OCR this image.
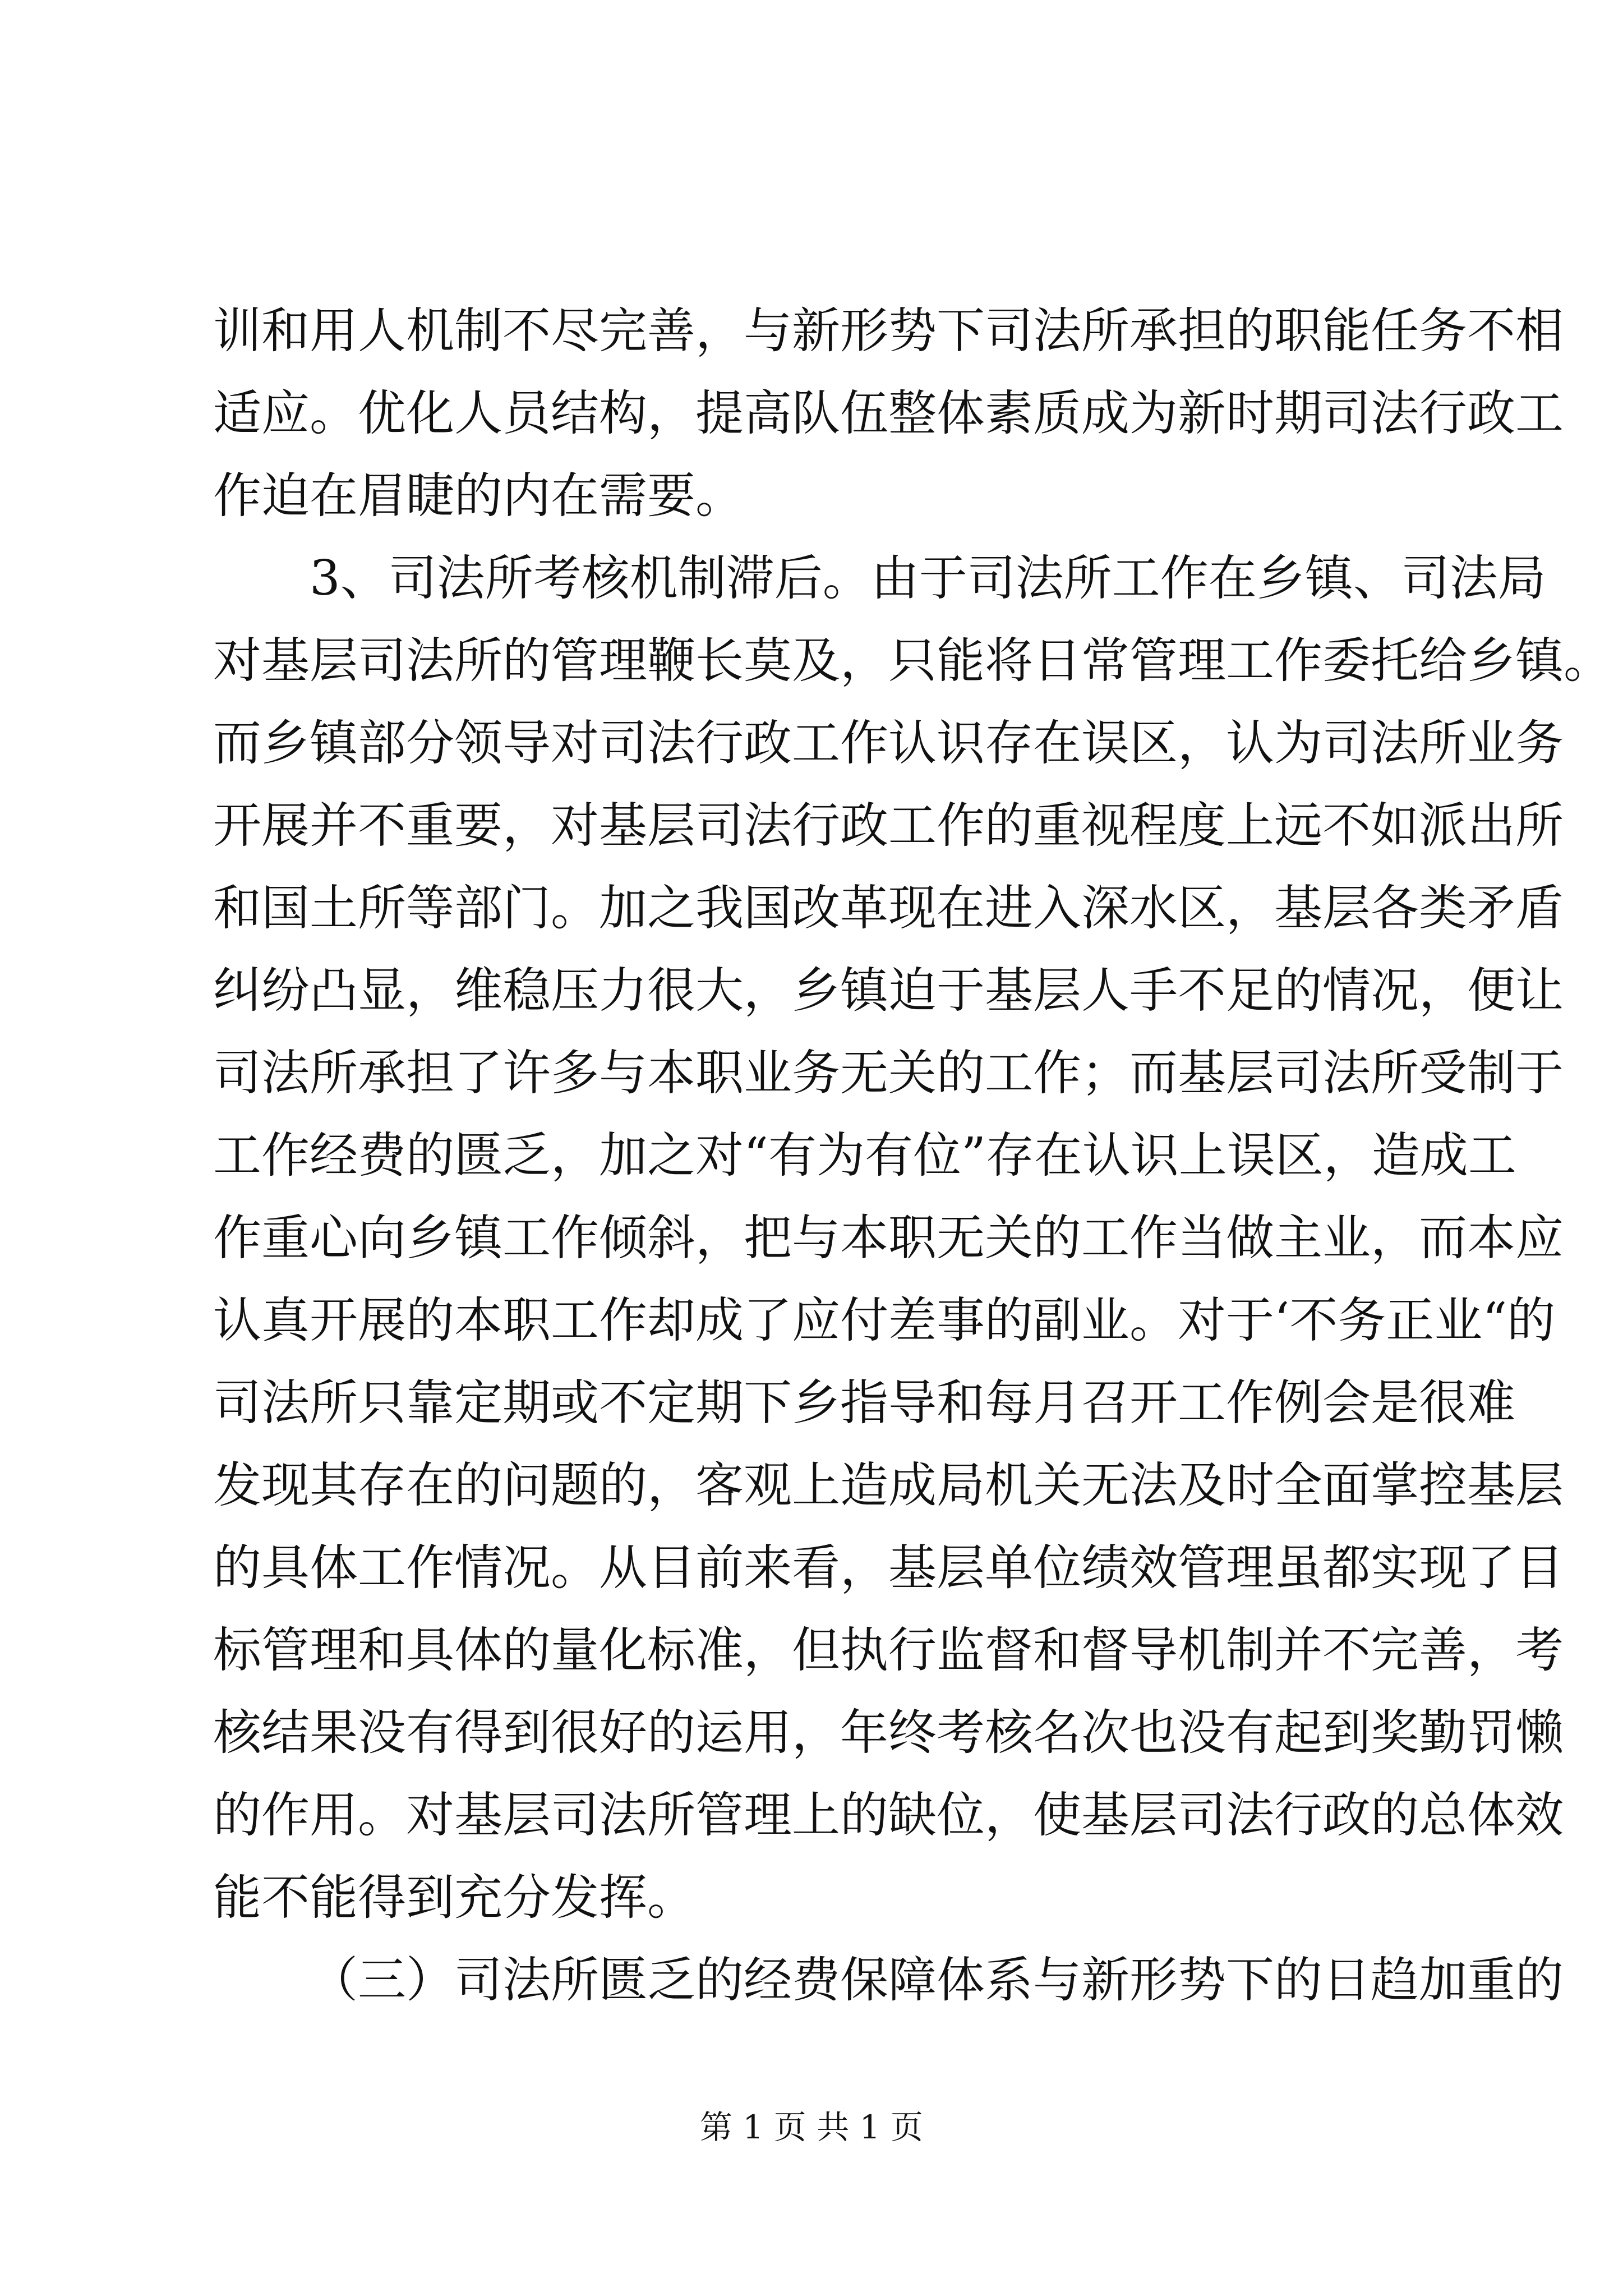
训和用人机制不尽完善，与新形势下司法所承担的职能任务不相
适应。优化人员结构，提高队伍整体素质成为新时期司法行政工
作迫在眉睫的内在需要。
3、司法所考核机制滞后。由于司法所工作在乡镇、司法局
对基层司法所的管理鞭长莫及，只能将日常管理工作委托给乡镇。
而乡镇部分领导对司法行政工作认识存在误区，认为司法所业务
开展并不重要，对基层司法行政工作的重视程度上远不如派出所
和国土所等部门。加之我国改革现在进入深水区，基层各类矛盾
纠纷凸显，维稳压力很大，乡镇迫于基层人手不足的情况，便让
司法所承担了许多与本职业务无关的工作；而基层司法所受制于
工作经费的匮乏，加之对“有为有位”存在认识上误区，造成工
作重心向乡镇工作倾斜，把与本职无关的工作当做主业，而本应
认真开展的本职工作却成了应付差事的副业。对于‘不务正业“的
司法所只靠定期或不定期下乡指导和每月召开工作例会是很难
发现其存在的问题的，客观上造成局机关无法及时全面掌控基层
的具体工作情况。从目前来看，基层单位绩效管理虽都实现了目
标管理和具体的量化标准，但执行监督和督导机制并不完善，考
核结果没有得到很好的运用，年终考核名次也没有起到奖勤罚懒
的作用。对基层司法所管理上的缺位，使基层司法行政的总体效
能不能得到充分发挥。
（三）司法所匮乏的经费保障体系与新形势下的日趋加重的
第 1 页 共 1 页
